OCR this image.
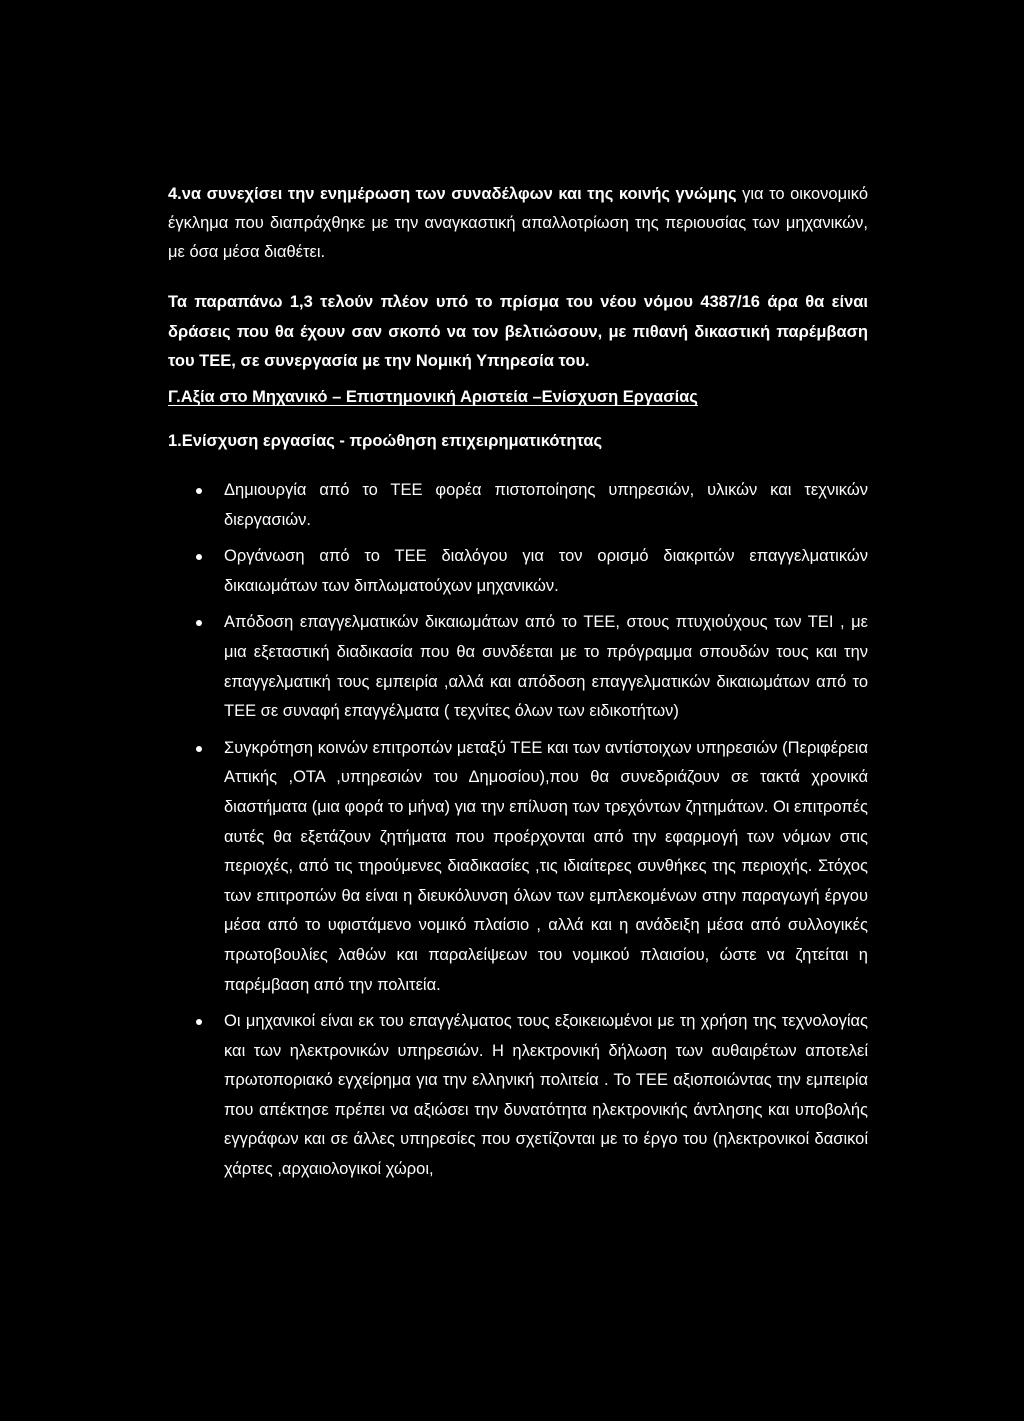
4.να συνεχίσει την ενημέρωση των συναδέλφων και της κοινής γνώμης για το οικονομικό έγκλημα που διαπράχθηκε με την αναγκαστική απαλλοτρίωση της περιουσίας των μηχανικών, με όσα μέσα διαθέτει.

Τα παραπάνω 1,3 τελούν πλέον υπό το πρίσμα του νέου νόμου 4387/16 άρα θα είναι δράσεις που θα έχουν σαν σκοπό να τον βελτιώσουν, με πιθανή δικαστική παρέμβαση του ΤΕΕ, σε συνεργασία με την Νομική Υπηρεσία του.

Γ.Αξία στο Μηχανικό – Επιστημονική Αριστεία –Ενίσχυση Εργασίας
1.Ενίσχυση εργασίας - προώθηση επιχειρηματικότητας
Δημιουργία από το ΤΕΕ φορέα πιστοποίησης υπηρεσιών, υλικών και τεχνικών διεργασιών.
Οργάνωση από το ΤΕΕ διαλόγου για τον ορισμό διακριτών επαγγελματικών δικαιωμάτων των διπλωματούχων μηχανικών.
Απόδοση επαγγελματικών δικαιωμάτων από το ΤΕΕ, στους πτυχιούχους των ΤΕΙ , με μια εξεταστική διαδικασία που θα συνδέεται με το πρόγραμμα σπουδών τους και την επαγγελματική τους εμπειρία ,αλλά και απόδοση επαγγελματικών δικαιωμάτων από το ΤΕΕ σε συναφή επαγγέλματα ( τεχνίτες όλων των ειδικοτήτων)
Συγκρότηση κοινών επιτροπών μεταξύ ΤΕΕ και των αντίστοιχων υπηρεσιών (Περιφέρεια Αττικής ,ΟΤΑ ,υπηρεσιών του Δημοσίου),που θα συνεδριάζουν σε τακτά χρονικά διαστήματα (μια φορά το μήνα) για την επίλυση των τρεχόντων ζητημάτων. Οι επιτροπές αυτές θα εξετάζουν ζητήματα που προέρχονται από την εφαρμογή των νόμων στις περιοχές, από τις τηρούμενες διαδικασίες ,τις ιδιαίτερες συνθήκες της περιοχής. Στόχος των επιτροπών θα είναι η διευκόλυνση όλων των εμπλεκομένων στην παραγωγή έργου μέσα από το υφιστάμενο νομικό πλαίσιο , αλλά και η ανάδειξη μέσα από συλλογικές πρωτοβουλίες λαθών και παραλείψεων του νομικού πλαισίου, ώστε να ζητείται η παρέμβαση από την πολιτεία.
Οι μηχανικοί είναι εκ του επαγγέλματος τους εξοικειωμένοι με τη χρήση της τεχνολογίας και των ηλεκτρονικών υπηρεσιών. Η ηλεκτρονική δήλωση των αυθαιρέτων αποτελεί πρωτοποριακό εγχείρημα για την ελληνική πολιτεία . Το ΤΕΕ αξιοποιώντας την εμπειρία που απέκτησε πρέπει να αξιώσει την δυνατότητα ηλεκτρονικής άντλησης και υποβολής εγγράφων και σε άλλες υπηρεσίες που σχετίζονται με το έργο του (ηλεκτρονικοί δασικοί χάρτες ,αρχαιολογικοί χώροι,
